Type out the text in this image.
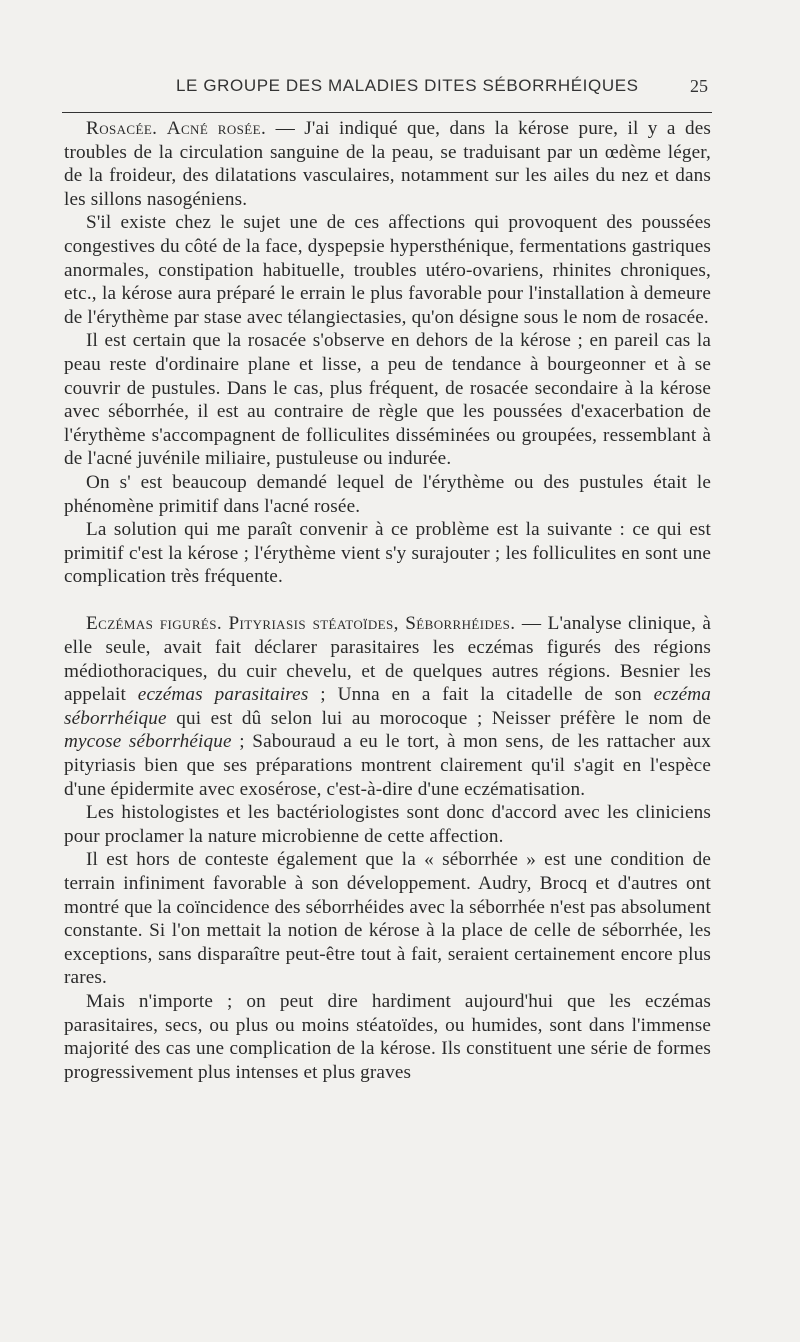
LE GROUPE DES MALADIES DITES SÉBORRHÉIQUES	25

Rosacée. Acné rosée. — J'ai indiqué que, dans la kérose pure, il y a des troubles de la circulation sanguine de la peau, se traduisant par un œdème léger, de la froideur, des dilatations vasculaires, notamment sur les ailes du nez et dans les sillons nasogéniens.

S'il existe chez le sujet une de ces affections qui provoquent des poussées congestives du côté de la face, dyspepsie hypersthénique, fermentations gastriques anormales, constipation habituelle, troubles utéro-ovariens, rhinites chroniques, etc., la kérose aura préparé le errain le plus favorable pour l'installation à demeure de l'érythème par stase avec télangiectasies, qu'on désigne sous le nom de rosacée.

Il est certain que la rosacée s'observe en dehors de la kérose ; en pareil cas la peau reste d'ordinaire plane et lisse, a peu de tendance à bourgeonner et à se couvrir de pustules. Dans le cas, plus fréquent, de rosacée secondaire à la kérose avec séborrhée, il est au contraire de règle que les poussées d'exacerbation de l'érythème s'accompagnent de folliculites disséminées ou groupées, ressemblant à de l'acné juvénile miliaire, pustuleuse ou indurée.

On s' est beaucoup demandé lequel de l'érythème ou des pustules était le phénomène primitif dans l'acné rosée.

La solution qui me paraît convenir à ce problème est la suivante : ce qui est primitif c'est la kérose ; l'érythème vient s'y surajouter ; les folliculites en sont une complication très fréquente.

Eczémas figurés. Pityriasis stéatoïdes, Séborrhéides. — L'analyse clinique, à elle seule, avait fait déclarer parasitaires les eczémas figurés des régions médiothoraciques, du cuir chevelu, et de quelques autres régions. Besnier les appelait eczémas parasitaires ; Unna en a fait la citadelle de son eczéma séborrhéique qui est dû selon lui au morocoque ; Neisser préfère le nom de mycose séborrhéique ; Sabouraud a eu le tort, à mon sens, de les rattacher aux pityriasis bien que ses préparations montrent clairement qu'il s'agit en l'espèce d'une épidermite avec exosérose, c'est-à-dire d'une eczématisation.

Les histologistes et les bactériologistes sont donc d'accord avec les cliniciens pour proclamer la nature microbienne de cette affection.

Il est hors de conteste également que la « séborrhée » est une condition de terrain infiniment favorable à son développement. Audry, Brocq et d'autres ont montré que la coïncidence des séborrhéides avec la séborrhée n'est pas absolument constante. Si l'on mettait la notion de kérose à la place de celle de séborrhée, les exceptions, sans disparaître peut-être tout à fait, seraient certainement encore plus rares.

Mais n'importe ; on peut dire hardiment aujourd'hui que les eczémas parasitaires, secs, ou plus ou moins stéatoïdes, ou humides, sont dans l'immense majorité des cas une complication de la kérose. Ils constituent une série de formes progressivement plus intenses et plus graves
